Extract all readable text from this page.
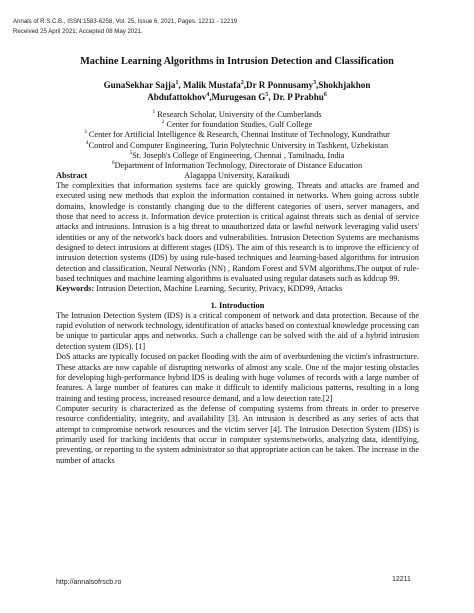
Annals of R.S.C.B., ISSN:1583-6258, Vol. 25, Issue 6, 2021, Pages. 12211 - 12219
Received 25 April 2021; Accepted 08 May 2021.
Machine Learning Algorithms in Intrusion Detection and Classification
GunaSekhar Sajja$^1$, Malik Mustafa$^2$,Dr R Ponnusamy$^3$,Shokhjakhon
Abdufattokhov$^4$,Murugesan $G^5$, Dr. P Prabhu$^6$
$^1$ Research Scholar, University of the Cumberlands
$^2$ Center for foundation Studies, Gulf College
$^3$ Center for Artificial Intelligence & Research, Chennai Institute of Technology, Kundrathur
$^4$Control and Computer Engineering, Turin Polytechnic University in Tashkent, Uzbekistan
$^5$St. Joseph's College of Engineering, Chennai , Tamilnadu, India
$^6$Department of Information Technology, Directorate of Distance Education
Alagappa University, Karaikudi
Abstract

The complexities that information systems face are quickly growing. Threats and attacks are framed and executed using new methods that exploit the information contained in networks. When going across subtle domains, knowledge is constantly changing due to the different categories of users, server managers, and those that need to access it. Information device protection is critical against threats such as denial of service attacks and intrusions. Intrusion is a big threat to unauthorized data or lawful network leveraging valid users' identities or any of the network's back doors and vulnerabilities. Intrusion Detection Systems are mechanisms designed to detect intrusions at different stages (IDS). The aim of this research is to improve the efficiency of intrusion detection systems (IDS) by using rule-based techniques and learning-based algorithms for intrusion detection and classification. Neural Networks (NN) , Random Forest and SVM algorithms.The output of rule-based techniques and machine learning algorithms is evaluated using regular datasets such as kddcup 99.

Keywords: Intrusion Detection, Machine Learning, Security, Privacy, KDD99, Attacks

1. Introduction

The Intrusion Detection System (IDS) is a critical component of network and data protection. Because of the rapid evolution of network technology, identification of attacks based on contextual knowledge processing can be unique to particular apps and networks. Such a challenge can be solved with the aid of a hybrid intrusion detection system (IDS). [1]

DoS attacks are typically focused on packet flooding with the aim of overburdening the victim's infrastructure. These attacks are now capable of disrupting networks of almost any scale. One of the major testing obstacles for developing high-performance hybrid IDS is dealing with huge volumes of records with a large number of features. A large number of features can make it difficult to identify malicious patterns, resulting in a long training and testing process, increased resource demand, and a low detection rate.[2]

Computer security is characterized as the defense of computing systems from threats in order to preserve resource confidentiality, integrity, and availability [3]. An intrusion is described as any series of acts that attempt to compromise network resources and the victim server [4]. The Intrusion Detection System (IDS) is primarily used for tracking incidents that occur in computer systems/networks, analyzing data, identifying, preventing, or reporting to the system administrator so that appropriate action can be taken. The increase in the number of attacks

http://annalsofrscb.ro	12211
